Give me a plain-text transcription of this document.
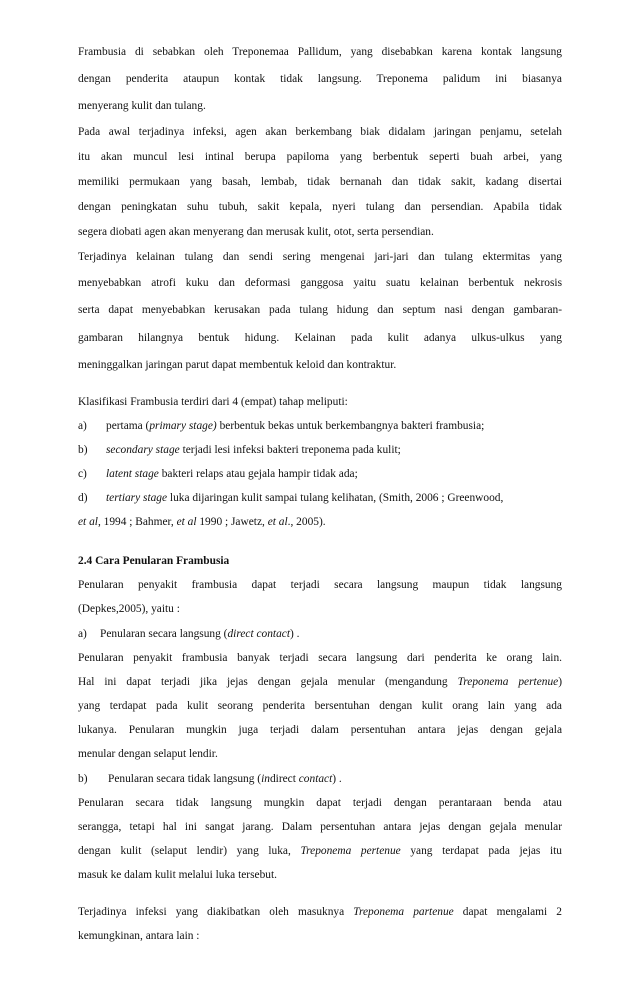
Frambusia di sebabkan oleh Treponemaa Pallidum, yang disebabkan karena kontak langsung
dengan penderita ataupun kontak tidak langsung. Treponema palidum ini biasanya
menyerang kulit dan tulang.
Pada awal terjadinya infeksi, agen akan berkembang biak didalam jaringan penjamu, setelah
itu akan muncul lesi intinal berupa papiloma yang berbentuk seperti buah arbei, yang
memiliki permukaan yang basah, lembab, tidak bernanah dan tidak sakit, kadang disertai
dengan peningkatan suhu tubuh, sakit kepala, nyeri tulang dan persendian. Apabila tidak
segera diobati agen akan menyerang dan merusak kulit, otot, serta persendian.
Terjadinya kelainan tulang dan sendi sering mengenai jari-jari dan tulang ektermitas yang
menyebabkan atrofi kuku dan deformasi ganggosa yaitu suatu kelainan berbentuk nekrosis
serta dapat menyebabkan kerusakan pada tulang hidung dan septum nasi dengan gambaran-
gambaran hilangnya bentuk hidung. Kelainan pada kulit adanya ulkus-ulkus yang
meninggalkan jaringan parut dapat membentuk keloid dan kontraktur.
Klasifikasi Frambusia terdiri dari 4 (empat) tahap meliputi:
a) pertama (primary stage) berbentuk bekas untuk berkembangnya bakteri frambusia;
b) secondary stage terjadi lesi infeksi bakteri treponema pada kulit;
c) latent stage bakteri relaps atau gejala hampir tidak ada;
d) tertiary stage luka dijaringan kulit sampai tulang kelihatan, (Smith, 2006 ; Greenwood,
et al, 1994 ; Bahmer, et al 1990 ; Jawetz, et al., 2005).
2.4 Cara Penularan Frambusia
Penularan penyakit frambusia dapat terjadi secara langsung maupun tidak langsung
(Depkes,2005), yaitu :
a) Penularan secara langsung (direct contact) .
Penularan penyakit frambusia banyak terjadi secara langsung dari penderita ke orang lain.
Hal ini dapat terjadi jika jejas dengan gejala menular (mengandung Treponema pertenue)
yang terdapat pada kulit seorang penderita bersentuhan dengan kulit orang lain yang ada
lukanya. Penularan mungkin juga terjadi dalam persentuhan antara jejas dengan gejala
menular dengan selaput lendir.
b) Penularan secara tidak langsung (indirect contact) .
Penularan secara tidak langsung mungkin dapat terjadi dengan perantaraan benda atau
serangga, tetapi hal ini sangat jarang. Dalam persentuhan antara jejas dengan gejala menular
dengan kulit (selaput lendir) yang luka, Treponema pertenue yang terdapat pada jejas itu
masuk ke dalam kulit melalui luka tersebut.
Terjadinya infeksi yang diakibatkan oleh masuknya Treponema partenue dapat mengalami 2
kemungkinan, antara lain :
